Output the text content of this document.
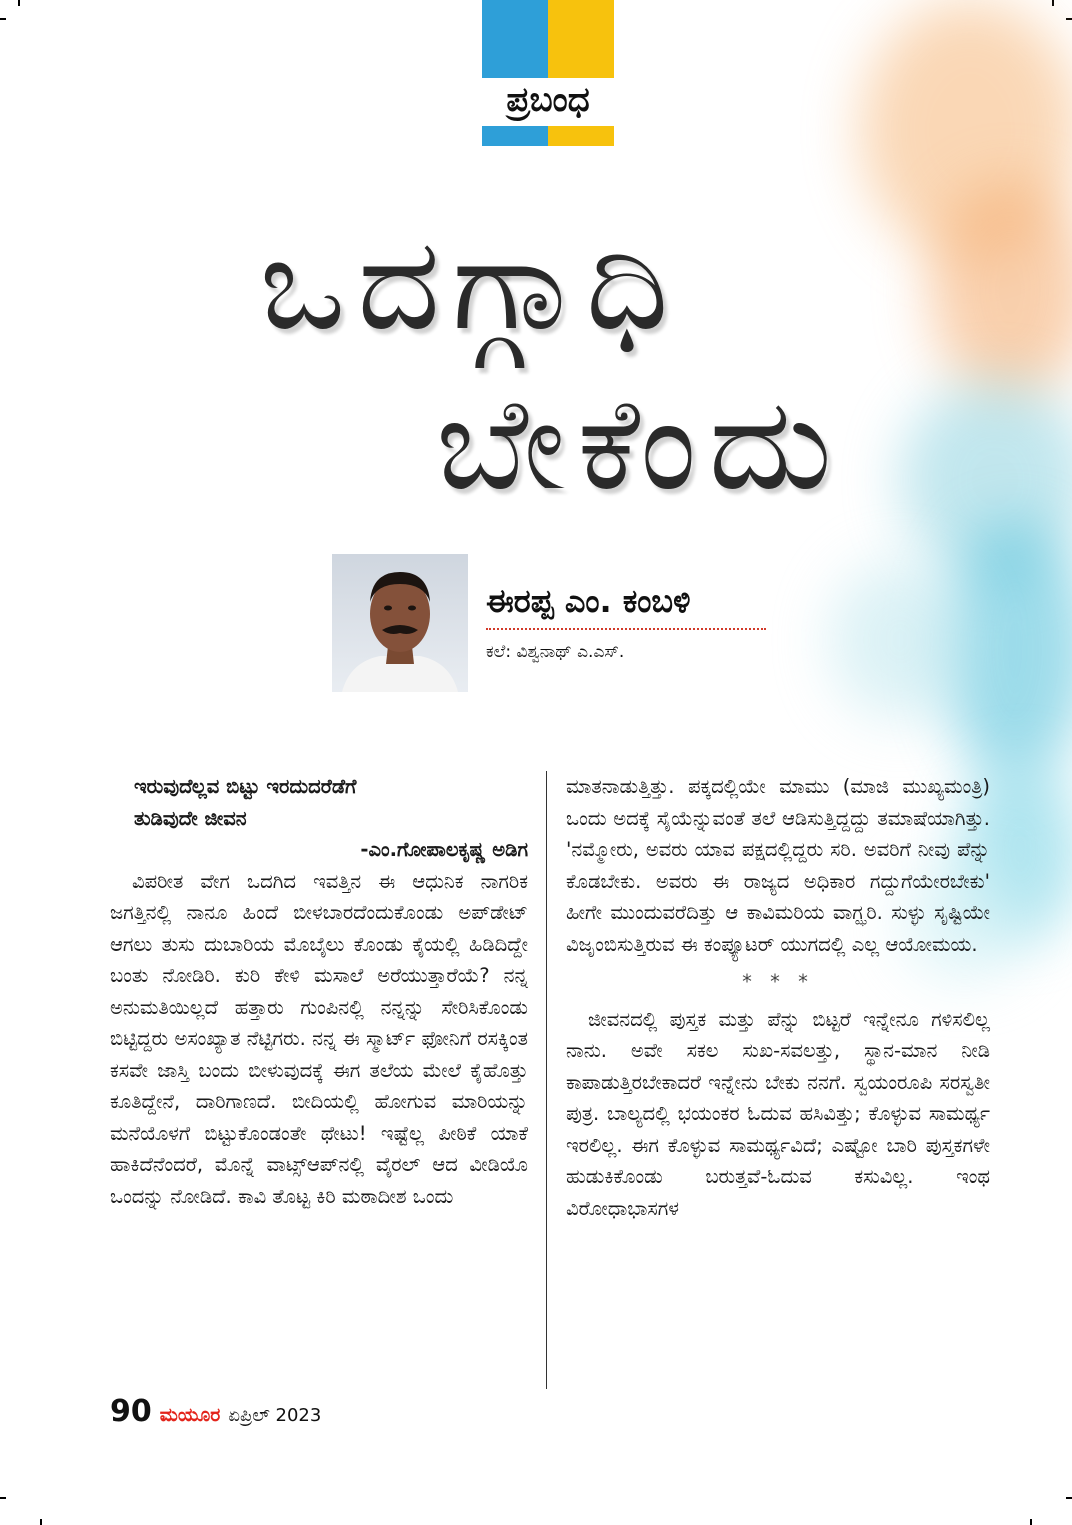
ಪ್ರಬಂಧ
ಒದಗ್ಗಾಧಿ
ಬೇಕೆಂದು
ಈರಪ್ಪ ಎಂ. ಕಂಬಳಿ
ಕಲೆ: ವಿಶ್ವನಾಥ್ ಎ.ಎಸ್.
ಇರುವುದೆಲ್ಲವ ಬಿಟ್ಟು ಇರದುದರೆಡೆಗೆ
ತುಡಿವುದೇ ಜೀವನ
-ಎಂ.ಗೋಪಾಲಕೃಷ್ಣ ಅಡಿಗ

ವಿಪರೀತ ವೇಗ ಒದಗಿದ ಇವತ್ತಿನ ಈ ಆಧುನಿಕ ನಾಗರಿಕ ಜಗತ್ತಿನಲ್ಲಿ ನಾನೂ ಹಿಂದೆ ಬೀಳಬಾರದೆಂದುಕೊಂಡು ಅಪ್‌ಡೇಟ್ ಆಗಲು ತುಸು ದುಬಾರಿಯ ಮೊಬೈಲು ಕೊಂಡು ಕೈಯಲ್ಲಿ ಹಿಡಿದಿದ್ದೇ ಬಂತು ನೋಡಿರಿ. ಕುರಿ ಕೇಳಿ ಮಸಾಲೆ ಅರೆಯುತ್ತಾರೆಯೆ? ನನ್ನ ಅನುಮತಿಯಿಲ್ಲದೆ ಹತ್ತಾರು ಗುಂಪಿನಲ್ಲಿ ನನ್ನನ್ನು ಸೇರಿಸಿಕೊಂಡು ಬಿಟ್ಟಿದ್ದರು ಅಸಂಖ್ಯಾತ ನೆಟ್ಟಿಗರು. ನನ್ನ ಈ ಸ್ಮಾರ್ಟ್ ಫೋನಿಗೆ ರಸಕ್ಕಿಂತ ಕಸವೇ ಜಾಸ್ತಿ ಬಂದು ಬೀಳುವುದಕ್ಕೆ ಈಗ ತಲೆಯ ಮೇಲೆ ಕೈಹೊತ್ತು ಕೂತಿದ್ದೇನೆ, ದಾರಿಗಾಣದೆ. ಬೀದಿಯಲ್ಲಿ ಹೋಗುವ ಮಾರಿಯನ್ನು ಮನೆಯೊಳಗೆ ಬಿಟ್ಟುಕೊಂಡಂತೇ ಥೇಟು! ಇಷ್ಟೆಲ್ಲ ಪೀಠಿಕೆ ಯಾಕೆ ಹಾಕಿದೆನೆಂದರೆ, ಮೊನ್ನೆ ವಾಟ್ಸ್‌ಆಪ್‌ನಲ್ಲಿ ವೈರಲ್ ಆದ ವೀಡಿಯೊ ಒಂದನ್ನು ನೋಡಿದೆ. ಕಾವಿ ತೊಟ್ಟ ಕಿರಿ ಮಠಾದೀಶ ಒಂದು

ಮಾತನಾಡುತ್ತಿತ್ತು. ಪಕ್ಕದಲ್ಲಿಯೇ ಮಾಮು (ಮಾಜಿ ಮುಖ್ಯಮಂತ್ರಿ) ಒಂದು ಅದಕ್ಕೆ ಸೈಯೆನ್ನುವಂತೆ ತಲೆ ಆಡಿಸುತ್ತಿದ್ದದ್ದು ತಮಾಷೆಯಾಗಿತ್ತು. 'ನಮ್ಮೋರು, ಅವರು ಯಾವ ಪಕ್ಷದಲ್ಲಿದ್ದರು ಸರಿ. ಅವರಿಗೆ ನೀವು ಪೆನ್ನು ಕೊಡಬೇಕು. ಅವರು ಈ ರಾಜ್ಯದ ಅಧಿಕಾರ ಗದ್ದುಗೆಯೇರಬೇಕು' ಹೀಗೇ ಮುಂದುವರೆದಿತ್ತು ಆ ಕಾವಿಮರಿಯ ವಾಗ್ಝರಿ. ಸುಳ್ಳು ಸೃಷ್ಟಿಯೇ ವಿಜೃಂಬಿಸುತ್ತಿರುವ ಈ ಕಂಪ್ಯೂಟರ್ ಯುಗದಲ್ಲಿ ಎಲ್ಲ ಆಯೋಮಯ.

* * *

ಜೀವನದಲ್ಲಿ ಪುಸ್ತಕ ಮತ್ತು ಪೆನ್ನು ಬಿಟ್ಟರೆ ಇನ್ನೇನೂ ಗಳಿಸಲಿಲ್ಲ ನಾನು. ಅವೇ ಸಕಲ ಸುಖ-ಸವಲತ್ತು, ಸ್ಥಾನ-ಮಾನ ನೀಡಿ ಕಾಪಾಡುತ್ತಿರಬೇಕಾದರೆ ಇನ್ನೇನು ಬೇಕು ನನಗೆ. ಸ್ವಯಂರೂಪಿ ಸರಸ್ವತೀ ಪುತ್ರ. ಬಾಲ್ಯದಲ್ಲಿ ಭಯಂಕರ ಓದುವ ಹಸಿವಿತ್ತು; ಕೊಳ್ಳುವ ಸಾಮರ್ಥ್ಯ ಇರಲಿಲ್ಲ. ಈಗ ಕೊಳ್ಳುವ ಸಾಮರ್ಥ್ಯವಿದೆ; ಎಷ್ಟೋ ಬಾರಿ ಪುಸ್ತಕಗಳೇ ಹುಡುಕಿಕೊಂಡು ಬರುತ್ತವೆ-ಓದುವ ಕಸುವಿಲ್ಲ. ಇಂಥ ವಿರೋಧಾಭಾಸಗಳ

90 ಮಯೂರ ಏಪ್ರಿಲ್ 2023
